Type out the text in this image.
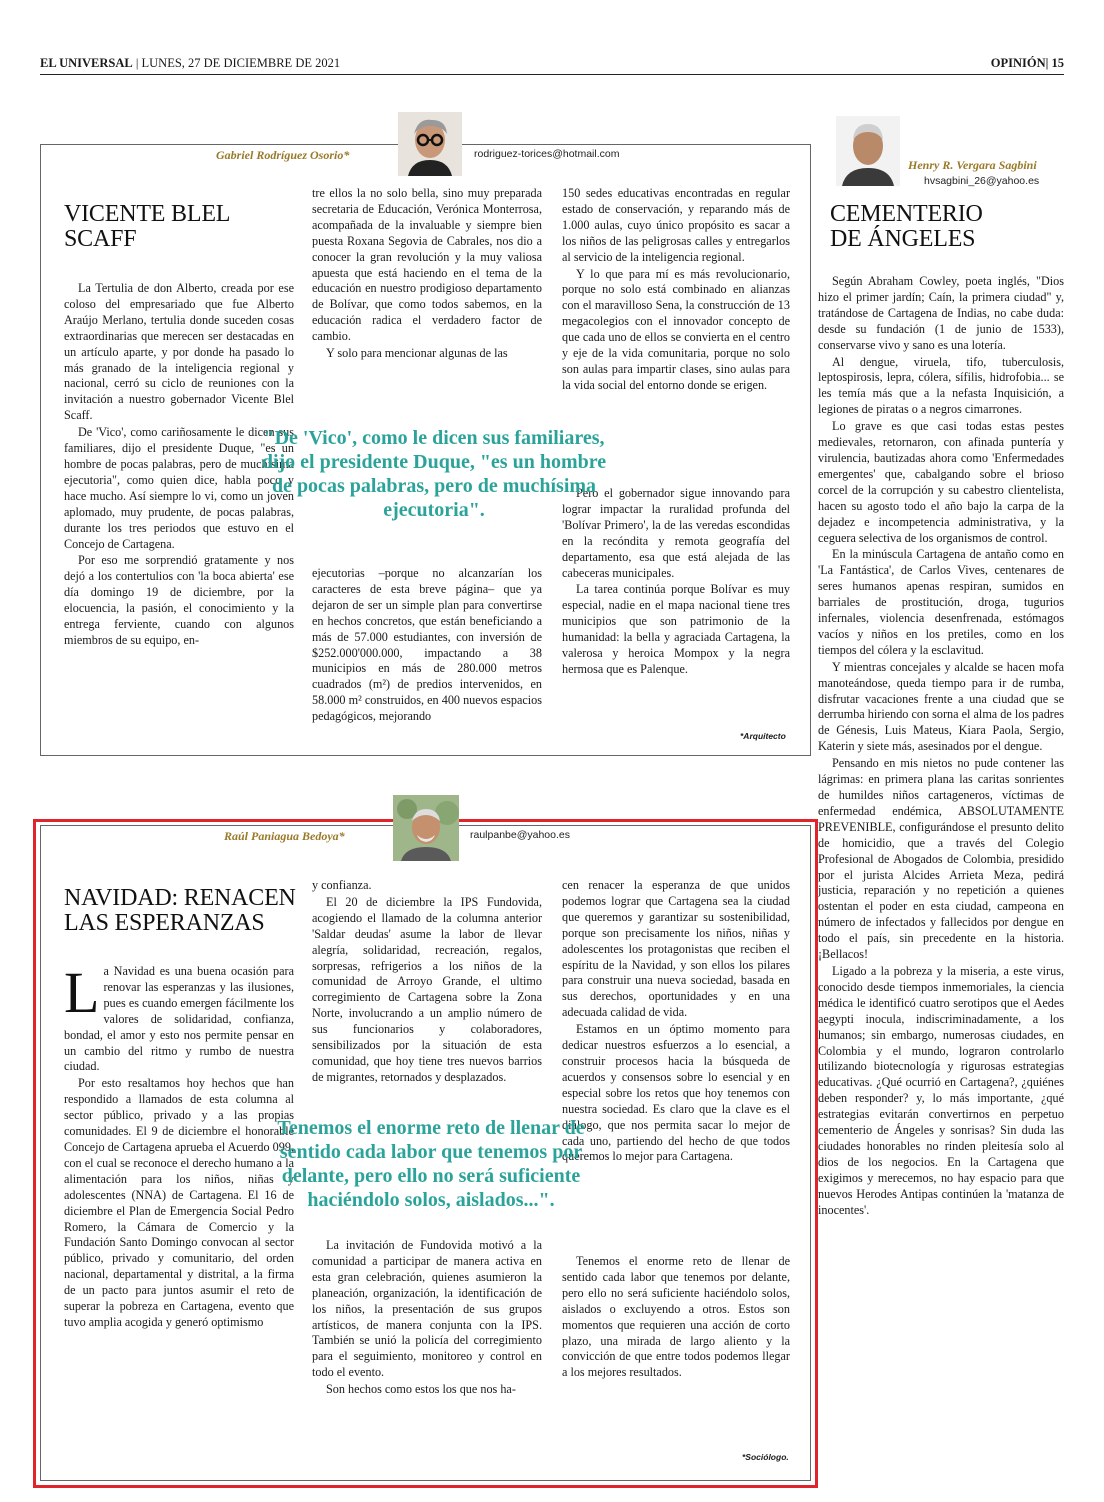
EL UNIVERSAL | LUNES, 27 DE DICIEMBRE DE 2021	OPINIÓN| 15
Gabriel Rodríguez Osorio*	rodriguez-torices@hotmail.com
VICENTE BLEL
SCAFF

La Tertulia de don Alberto, creada por ese coloso del empresariado que fue Alberto Araújo Merlano, tertulia donde suceden cosas extraordinarias que merecen ser destacadas en un artículo aparte, y por donde ha pasado lo más granado de la inteligencia regional y nacional, cerró su ciclo de reuniones con la invitación a nuestro gobernador Vicente Blel Scaff.

De 'Vico', como cariñosamente le dicen sus familiares, dijo el presidente Duque, "es un hombre de pocas palabras, pero de muchísima ejecutoria", como quien dice, habla poco y hace mucho. Así siempre lo vi, como un joven aplomado, muy prudente, de pocas palabras, durante los tres periodos que estuvo en el Concejo de Cartagena.

Por eso me sorprendió gratamente y nos dejó a los contertulios con 'la boca abierta' ese día domingo 19 de diciembre, por la elocuencia, la pasión, el conocimiento y la entrega ferviente, cuando con algunos miembros de su equipo, en-

tre ellos la no solo bella, sino muy preparada secretaria de Educación, Verónica Monterrosa, acompañada de la invaluable y siempre bien puesta Roxana Segovia de Cabrales, nos dio a conocer la gran revolución y la muy valiosa apuesta que está haciendo en el tema de la educación en nuestro prodigioso departamento de Bolívar, que como todos sabemos, en la educación radica el verdadero factor de cambio.

Y solo para mencionar algunas de las

ejecutorias –porque no alcanzarían los caracteres de esta breve página– que ya dejaron de ser un simple plan para convertirse en hechos concretos, que están beneficiando a más de 57.000 estudiantes, con inversión de $252.000'000.000, impactando a 38 municipios en más de 280.000 metros cuadrados (m²) de predios intervenidos, en 58.000 m² construidos, en 400 nuevos espacios pedagógicos, mejorando

150 sedes educativas encontradas en regular estado de conservación, y reparando más de 1.000 aulas, cuyo único propósito es sacar a los niños de las peligrosas calles y entregarlos al servicio de la inteligencia regional.

Y lo que para mí es más revolucionario, porque no solo está combinado en alianzas con el maravilloso Sena, la construcción de 13 megacolegios con el innovador concepto de que cada uno de ellos se convierta en el centro y eje de la vida comunitaria, porque no solo son aulas para impartir clases, sino aulas para la vida social del entorno donde se erigen.

Pero el gobernador sigue innovando para lograr impactar la ruralidad profunda del 'Bolívar Primero', la de las veredas escondidas en la recóndita y remota geografía del departamento, esa que está alejada de las cabeceras municipales.

La tarea continúa porque Bolívar es muy especial, nadie en el mapa nacional tiene tres municipios que son patrimonio de la humanidad: la bella y agraciada Cartagena, la valerosa y heroica Mompox y la negra hermosa que es Palenque.

"De 'Vico', como le dicen sus familiares, dijo el presidente Duque, "es un hombre de pocas palabras, pero de muchísima ejecutoria".
*Arquitecto
Henry R. Vergara Sagbini
hvsagbini_26@yahoo.es
CEMENTERIO
DE ÁNGELES

Según Abraham Cowley, poeta inglés, "Dios hizo el primer jardín; Caín, la primera ciudad" y, tratándose de Cartagena de Indias, no cabe duda: desde su fundación (1 de junio de 1533), conservarse vivo y sano es una lotería.

Al dengue, viruela, tifo, tuberculosis, leptospirosis, lepra, cólera, sífilis, hidrofobia... se les temía más que a la nefasta Inquisición, a legiones de piratas o a negros cimarrones.

Lo grave es que casi todas estas pestes medievales, retornaron, con afinada puntería y virulencia, bautizadas ahora como 'Enfermedades emergentes' que, cabalgando sobre el brioso corcel de la corrupción y su cabestro clientelista, hacen su agosto todo el año bajo la carpa de la dejadez e incompetencia administrativa, y la ceguera selectiva de los organismos de control.

En la minúscula Cartagena de antaño como en 'La Fantástica', de Carlos Vives, centenares de seres humanos apenas respiran, sumidos en barriales de prostitución, droga, tugurios infernales, violencia desenfrenada, estómagos vacíos y niños en los pretiles, como en los tiempos del cólera y la esclavitud.

Y mientras concejales y alcalde se hacen mofa manoteándose, queda tiempo para ir de rumba, disfrutar vacaciones frente a una ciudad que se derrumba hiriendo con sorna el alma de los padres de Génesis, Luis Mateus, Kiara Paola, Sergio, Katerin y siete más, asesinados por el dengue.

Pensando en mis nietos no pude contener las lágrimas: en primera plana las caritas sonrientes de humildes niños cartageneros, víctimas de enfermedad endémica, ABSOLUTAMENTE PREVENIBLE, configurándose el presunto delito de homicidio, que a través del Colegio Profesional de Abogados de Colombia, presidido por el jurista Alcides Arrieta Meza, pedirá justicia, reparación y no repetición a quienes ostentan el poder en esta ciudad, campeona en número de infectados y fallecidos por dengue en todo el país, sin precedente en la historia. ¡Bellacos!

Ligado a la pobreza y la miseria, a este virus, conocido desde tiempos inmemoriales, la ciencia médica le identificó cuatro serotipos que el Aedes aegypti inocula, indiscriminadamente, a los humanos; sin embargo, numerosas ciudades, en Colombia y el mundo, lograron controlarlo utilizando biotecnología y rigurosas estrategias educativas. ¿Qué ocurrió en Cartagena?, ¿quiénes deben responder? y, lo más importante, ¿qué estrategias evitarán convertirnos en perpetuo cementerio de Ángeles y sonrisas? Sin duda las ciudades honorables no rinden pleitesía solo al dios de los negocios. En la Cartagena que exigimos y merecemos, no hay espacio para que nuevos Herodes Antipas continúen la 'matanza de inocentes'.

Raúl Paniagua Bedoya*	raulpanbe@yahoo.es
NAVIDAD: RENACEN
LAS ESPERANZAS

La Navidad es una buena ocasión para renovar las esperanzas y las ilusiones, pues es cuando emergen fácilmente los valores de solidaridad, confianza, bondad, el amor y esto nos permite pensar en un cambio del ritmo y rumbo de nuestra ciudad.

Por esto resaltamos hoy hechos que han respondido a llamados de esta columna al sector público, privado y a las propias comunidades. El 9 de diciembre el honorable Concejo de Cartagena aprueba el Acuerdo 099, con el cual se reconoce el derecho humano a la alimentación para los niños, niñas y adolescentes (NNA) de Cartagena. El 16 de diciembre el Plan de Emergencia Social Pedro Romero, la Cámara de Comercio y la Fundación Santo Domingo convocan al sector público, privado y comunitario, del orden nacional, departamental y distrital, a la firma de un pacto para juntos asumir el reto de superar la pobreza en Cartagena, evento que tuvo amplia acogida y generó optimismo

y confianza.

El 20 de diciembre la IPS Fundovida, acogiendo el llamado de la columna anterior 'Saldar deudas' asume la labor de llevar alegría, solidaridad, recreación, regalos, sorpresas, refrigerios a los niños de la comunidad de Arroyo Grande, el ultimo corregimiento de Cartagena sobre la Zona Norte, involucrando a un amplio número de sus funcionarios y colaboradores, sensibilizados por la situación de esta comunidad, que hoy tiene tres nuevos barrios de migrantes, retornados y desplazados.

La invitación de Fundovida motivó a la comunidad a participar de manera activa en esta gran celebración, quienes asumieron la planeación, organización, la identificación de los niños, la presentación de sus grupos artísticos, de manera conjunta con la IPS. También se unió la policía del corregimiento para el seguimiento, monitoreo y control en todo el evento.

Son hechos como estos los que nos ha-

cen renacer la esperanza de que unidos podemos lograr que Cartagena sea la ciudad que queremos y garantizar su sostenibilidad, porque son precisamente los niños, niñas y adolescentes los protagonistas que reciben el espíritu de la Navidad, y son ellos los pilares para construir una nueva sociedad, basada en sus derechos, oportunidades y en una adecuada calidad de vida.

Estamos en un óptimo momento para dedicar nuestros esfuerzos a lo esencial, a construir procesos hacia la búsqueda de acuerdos y consensos sobre lo esencial y en especial sobre los retos que hoy tenemos con nuestra sociedad. Es claro que la clave es el diálogo, que nos permita sacar lo mejor de cada uno, partiendo del hecho de que todos queremos lo mejor para Cartagena.

Tenemos el enorme reto de llenar de sentido cada labor que tenemos por delante, pero ello no será suficiente haciéndolo solos, aislados o excluyendo a otros. Estos son momentos que requieren una acción de corto plazo, una mirada de largo aliento y la convicción de que entre todos podemos llegar a los mejores resultados.

Tenemos el enorme reto de llenar de sentido cada labor que tenemos por delante, pero ello no será suficiente haciéndolo solos, aislados...".
*Sociólogo.
